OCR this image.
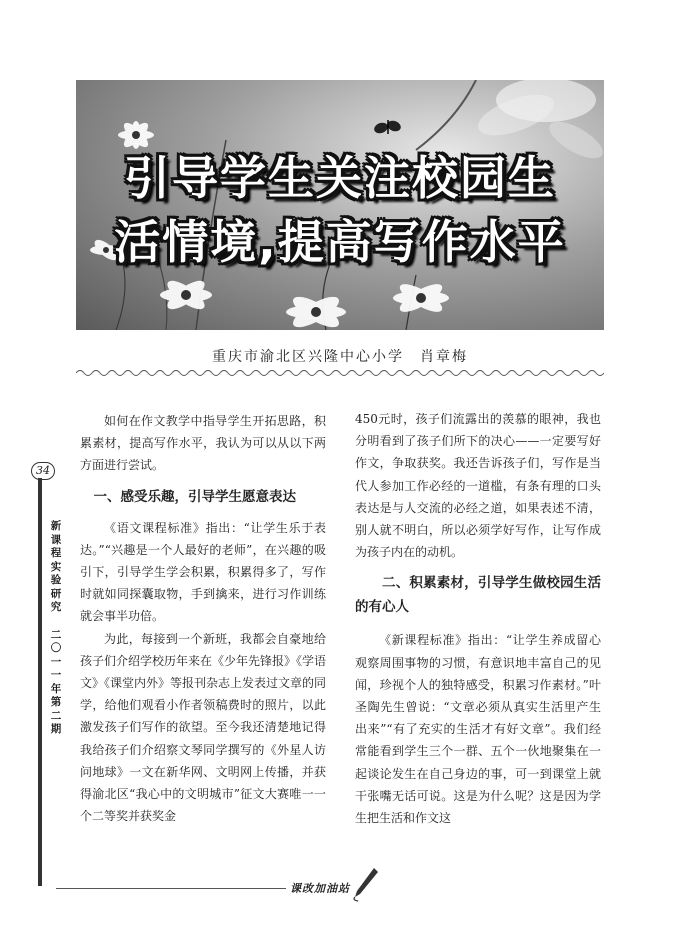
引导学生关注校园生
活情境,提高写作水平
重庆市渝北区兴隆中心小学　肖章梅
34
新
课
程
实
验
研
究
二
〇
一
一
年
第
二
期

如何在作文教学中指导学生开拓思路，积累素材，提高写作水平，我认为可以从以下两方面进行尝试。

一、感受乐趣，引导学生愿意表达

《语文课程标准》指出：“让学生乐于表达。”“兴趣是一个人最好的老师”，在兴趣的吸引下，引导学生学会积累，积累得多了，写作时就如同探囊取物，手到擒来，进行习作训练就会事半功倍。

为此，每接到一个新班，我都会自豪地给孩子们介绍学校历年来在《少年先锋报》《学语文》《课堂内外》等报刊杂志上发表过文章的同学，给他们观看小作者领稿费时的照片，以此激发孩子们写作的欲望。至今我还清楚地记得我给孩子们介绍察文琴同学撰写的《外星人访问地球》一文在新华网、文明网上传播，并获得渝北区“我心中的文明城市”征文大赛唯一一个二等奖并获奖金

450元时，孩子们流露出的羡慕的眼神，我也分明看到了孩子们所下的决心——一定要写好作文，争取获奖。我还告诉孩子们，写作是当代人参加工作必经的一道槛，有条有理的口头表达是与人交流的必经之道，如果表述不清，别人就不明白，所以必须学好写作，让写作成为孩子内在的动机。

二、积累素材，引导学生做校园生活的有心人

《新课程标准》指出：“让学生养成留心观察周围事物的习惯，有意识地丰富自己的见闻，珍视个人的独特感受，积累习作素材。”叶圣陶先生曾说：“文章必须从真实生活里产生出来”“有了充实的生活才有好文章”。我们经常能看到学生三个一群、五个一伙地聚集在一起谈论发生在自己身边的事，可一到课堂上就干张嘴无话可说。这是为什么呢？这是因为学生把生活和作文这

课改加油站
